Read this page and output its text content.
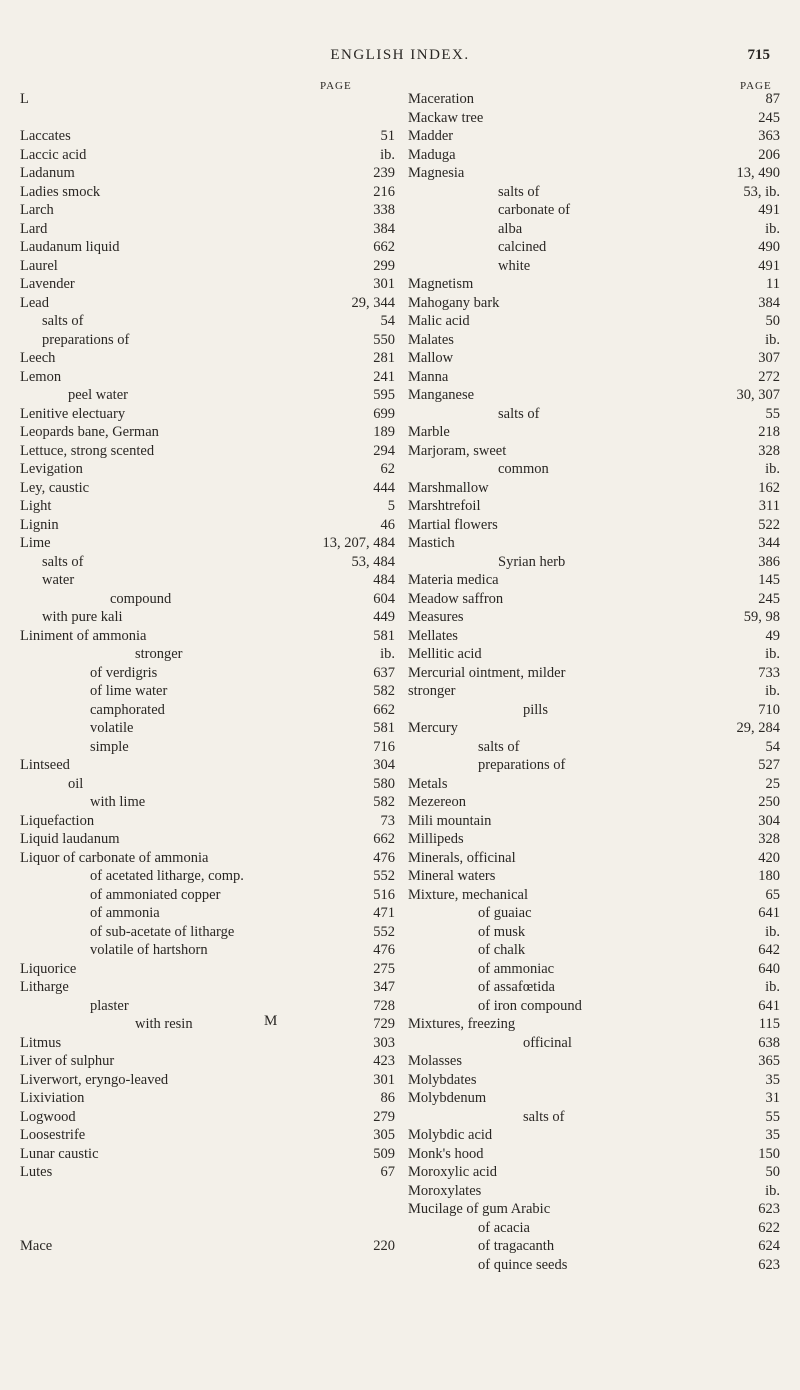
ENGLISH INDEX.	715
PAGE	PAGE
L
Laccates	51
Laccic acid	ib.
Ladanum	239
Ladies smock	216
Larch	338
Lard	384
Laudanum liquid	662
Laurel	299
Lavender	301
Lead	29, 344
salts of	54
preparations of	550
Leech	281
Lemon	241
peel water	595
Lenitive electuary	699
Leopards bane, German	189
Lettuce, strong scented	294
Levigation	62
Ley, caustic	444
Light	5
Lignin	46
Lime	13, 207, 484
salts of	53, 484
water	484
compound	604
with pure kali	449
Liniment of ammonia	581
stronger	ib.
of verdigris	637
of lime water	582
camphorated	662
volatile	581
simple	716
Lintseed	304
oil	580
with lime	582
Liquefaction	73
Liquid laudanum	662
Liquor of carbonate of ammonia	476
of acetated litharge, comp.	552
of ammoniated copper	516
of ammonia	471
of sub-acetate of litharge	552
volatile of hartshorn	476
Liquorice	275
Litharge	347
plaster	728
with resin	729
Litmus	303
Liver of sulphur	423
Liverwort, eryngo-leaved	301
Lixiviation	86
Logwood	279
Loosestrife	305
Lunar caustic	509
Lutes	67
Mace	220
Maceration	87
Mackaw tree	245
Madder	363
Maduga	206
Magnesia	13, 490
salts of	53, ib.
carbonate of	491
alba	ib.
calcined	490
white	491
Magnetism	11
Mahogany bark	384
Malic acid	50
Malates	ib.
Mallow	307
Manna	272
Manganese	30, 307
salts of	55
Marble	218
Marjoram, sweet	328
common	ib.
Marshmallow	162
Marshtrefoil	311
Martial flowers	522
Mastich	344
Syrian herb	386
Materia medica	145
Meadow saffron	245
Measures	59, 98
Mellates	49
Mellitic acid	ib.
Mercurial ointment, milder	733
stronger	ib.
pills	710
Mercury	29, 284
salts of	54
preparations of	527
Metals	25
Mezereon	250
Mili mountain	304
Millipeds	328
Minerals, officinal	420
Mineral waters	180
Mixture, mechanical	65
of guaiac	641
of musk	ib.
of chalk	642
of ammoniac	640
of assafœtida	ib.
of iron compound	641
Mixtures, freezing	115
officinal	638
Molasses	365
Molybdates	35
Molybdenum	31
salts of	55
Molybdic acid	35
Monk's hood	150
Moroxylic acid	50
Moroxylates	ib.
Mucilage of gum Arabic	623
of acacia	622
of tragacanth	624
of quince seeds	623
M
